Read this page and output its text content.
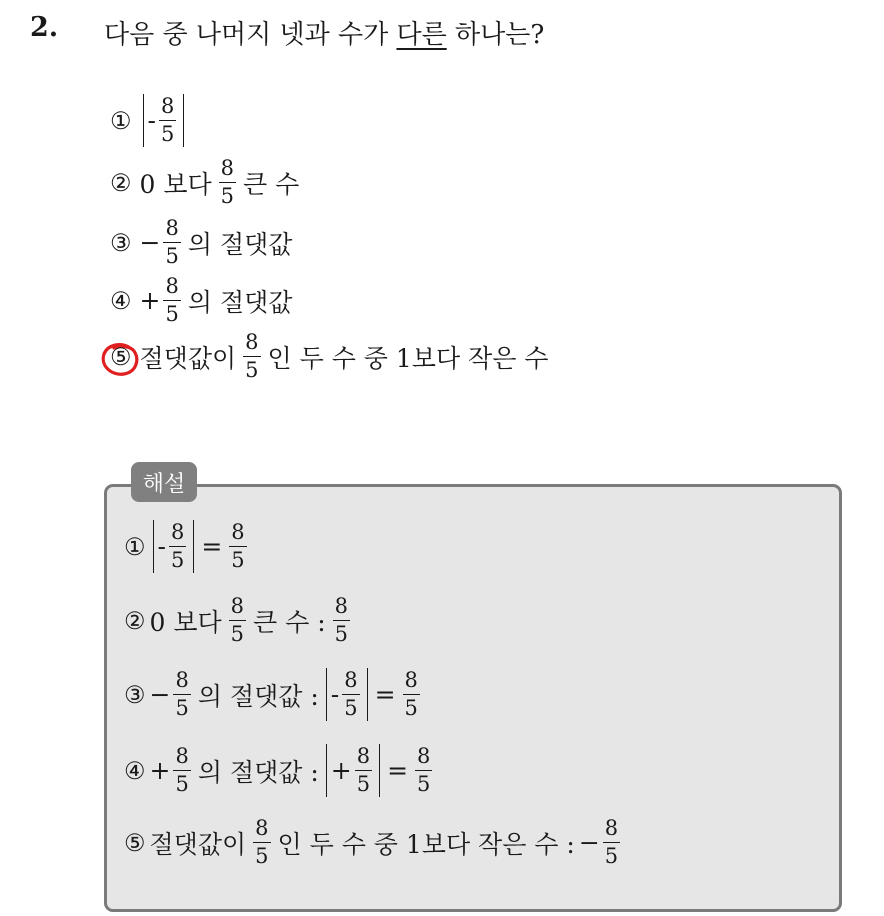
2. 다음 중 나머지 넷과 수가 다른 하나는?
① - $\frac{8}{5}$
② 0 보다 $\frac{8}{5}$ 큰 수
③ − $\frac{8}{5}$ 의 절댓값
④ + $\frac{8}{5}$ 의 절댓값
⑤ 절댓값이 $\frac{8}{5}$ 인 두 수 중 1보다 작은 수
해설
① - $\frac{8}{5} = \frac{8}{5}$
② 0 보다 $\frac{8}{5}$ 큰 수 : $\frac{8}{5}$
③ − $\frac{8}{5}$ 의 절댓값 : - $\frac{8}{5} = \frac{8}{5}$
④ + $\frac{8}{5}$ 의 절댓값 : + $\frac{8}{5} = \frac{8}{5}$
⑤ 절댓값이 $\frac{8}{5}$ 인 두 수 중 1보다 작은 수 : − $\frac{8}{5}$
